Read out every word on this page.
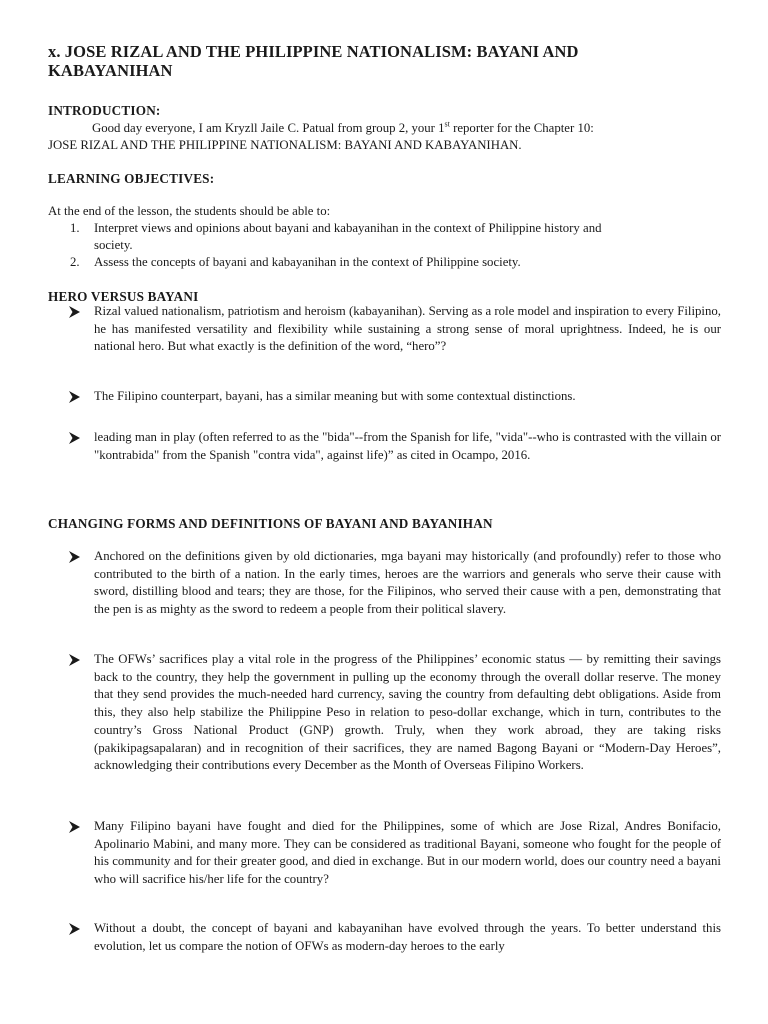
x. JOSE RIZAL AND THE PHILIPPINE NATIONALISM: BAYANI AND
KABAYANIHAN
INTRODUCTION:
Good day everyone, I am Kryzll Jaile C. Patual from group 2, your 1st reporter for the Chapter 10:
JOSE RIZAL AND THE PHILIPPINE NATIONALISM: BAYANI AND KABAYANIHAN.
LEARNING OBJECTIVES:
At the end of the lesson, the students should be able to:
1. Interpret views and opinions about bayani and kabayanihan in the context of Philippine history and
society.
2. Assess the concepts of bayani and kabayanihan in the context of Philippine society.
HERO VERSUS BAYANI
Rizal valued nationalism, patriotism and heroism (kabayanihan). Serving as a role model and inspiration to every Filipino, he has manifested versatility and flexibility while sustaining a strong sense of moral uprightness. Indeed, he is our national hero. But what exactly is the definition of the word, “hero”?
The Filipino counterpart, bayani, has a similar meaning but with some contextual distinctions.
leading man in play (often referred to as the "bida"--from the Spanish for life, "vida"--who is contrasted with the villain or "kontrabida" from the Spanish "contra vida", against life)” as cited in Ocampo, 2016.
CHANGING FORMS AND DEFINITIONS OF BAYANI AND BAYANIHAN
Anchored on the definitions given by old dictionaries, mga bayani may historically (and profoundly) refer to those who contributed to the birth of a nation. In the early times, heroes are the warriors and generals who serve their cause with sword, distilling blood and tears; they are those, for the Filipinos, who served their cause with a pen, demonstrating that the pen is as mighty as the sword to redeem a people from their political slavery.
The OFWs’ sacrifices play a vital role in the progress of the Philippines’ economic status — by remitting their savings back to the country, they help the government in pulling up the economy through the overall dollar reserve. The money that they send provides the much-needed hard currency, saving the country from defaulting debt obligations. Aside from this, they also help stabilize the Philippine Peso in relation to peso-dollar exchange, which in turn, contributes to the country’s Gross National Product (GNP) growth. Truly, when they work abroad, they are taking risks (pakikipagsapalaran) and in recognition of their sacrifices, they are named Bagong Bayani or “Modern-Day Heroes”, acknowledging their contributions every December as the Month of Overseas Filipino Workers.
Many Filipino bayani have fought and died for the Philippines, some of which are Jose Rizal, Andres Bonifacio, Apolinario Mabini, and many more. They can be considered as traditional Bayani, someone who fought for the people of his community and for their greater good, and died in exchange. But in our modern world, does our country need a bayani who will sacrifice his/her life for the country?
Without a doubt, the concept of bayani and kabayanihan have evolved through the years. To better understand this evolution, let us compare the notion of OFWs as modern-day heroes to the early
